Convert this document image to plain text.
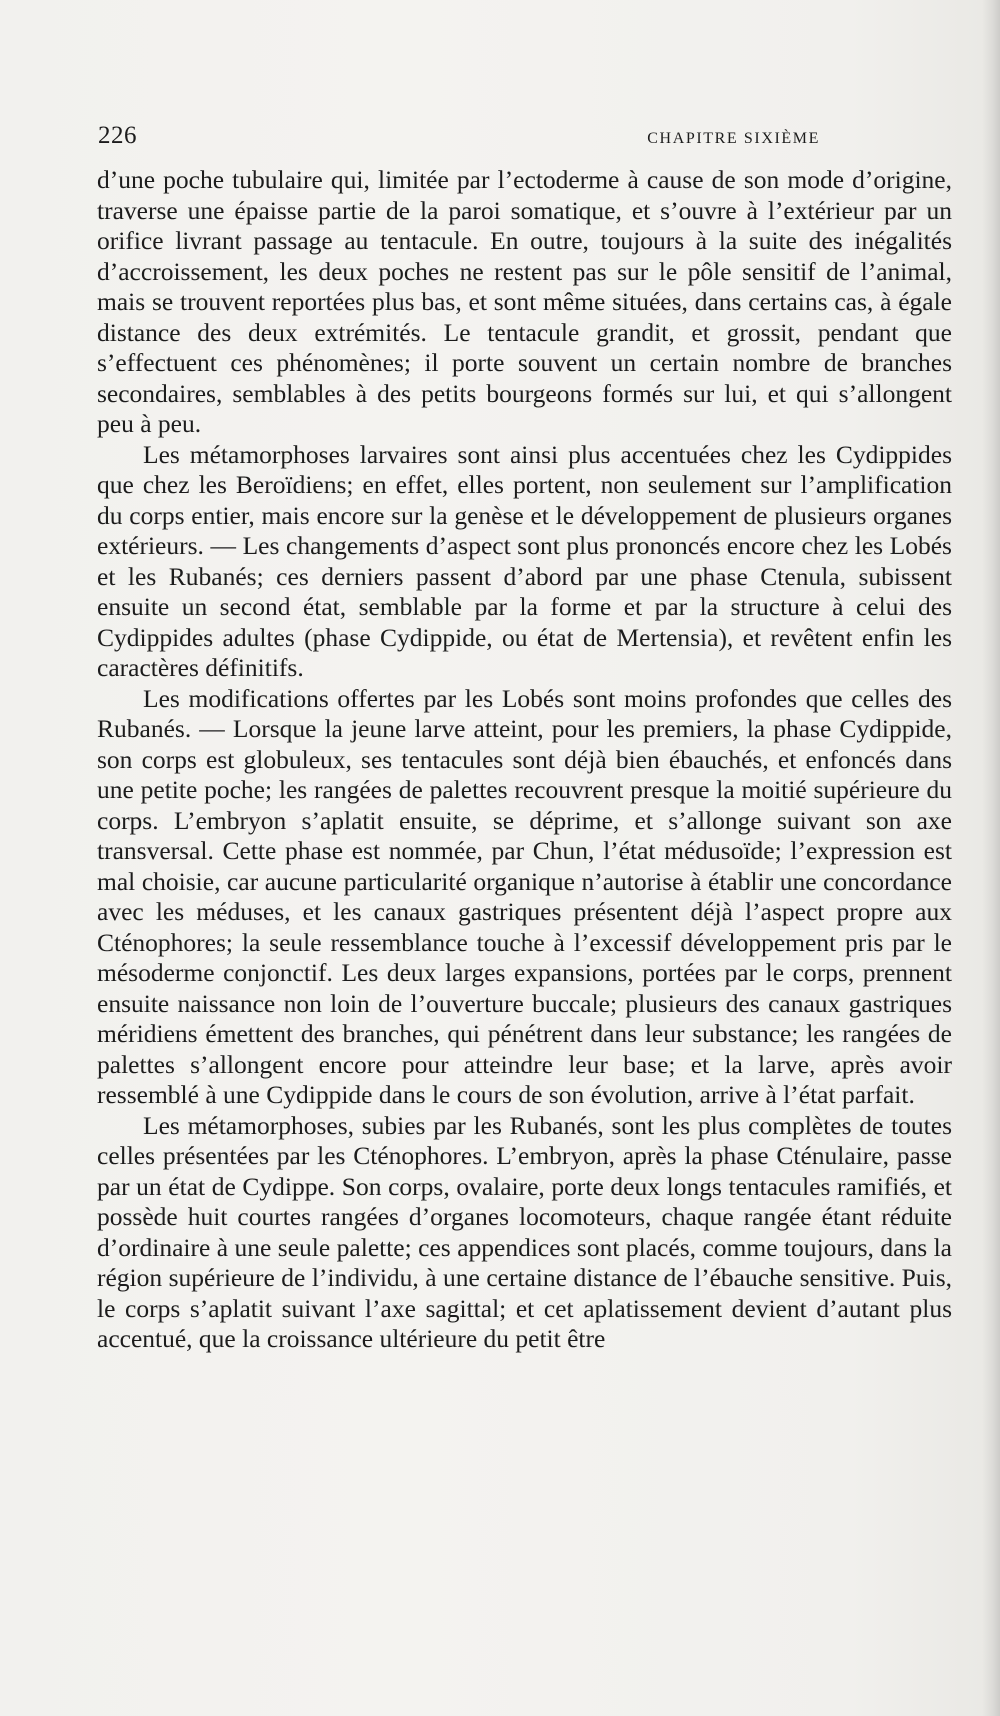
226	CHAPITRE SIXIÈME

d’une poche tubulaire qui, limitée par l’ectoderme à cause de son mode d’origine, traverse une épaisse partie de la paroi somatique, et s’ouvre à l’extérieur par un orifice livrant passage au tentacule. En outre, toujours à la suite des inégalités d’accroissement, les deux poches ne restent pas sur le pôle sensitif de l’animal, mais se trouvent reportées plus bas, et sont même situées, dans certains cas, à égale distance des deux extrémités. Le tentacule grandit, et grossit, pendant que s’effectuent ces phénomènes; il porte souvent un certain nombre de branches secondaires, semblables à des petits bourgeons formés sur lui, et qui s’allongent peu à peu.

Les métamorphoses larvaires sont ainsi plus accentuées chez les Cydippides que chez les Beroïdiens; en effet, elles portent, non seulement sur l’amplification du corps entier, mais encore sur la genèse et le développement de plusieurs organes extérieurs. — Les changements d’aspect sont plus prononcés encore chez les Lobés et les Rubanés; ces derniers passent d’abord par une phase Ctenula, subissent ensuite un second état, semblable par la forme et par la structure à celui des Cydippides adultes (phase Cydippide, ou état de Mertensia), et revêtent enfin les caractères définitifs.

Les modifications offertes par les Lobés sont moins profondes que celles des Rubanés. — Lorsque la jeune larve atteint, pour les premiers, la phase Cydippide, son corps est globuleux, ses tentacules sont déjà bien ébauchés, et enfoncés dans une petite poche; les rangées de palettes recouvrent presque la moitié supérieure du corps. L’embryon s’aplatit ensuite, se déprime, et s’allonge suivant son axe transversal. Cette phase est nommée, par Chun, l’état médusoïde; l’expression est mal choisie, car aucune particularité organique n’autorise à établir une concordance avec les méduses, et les canaux gastriques présentent déjà l’aspect propre aux Cténophores; la seule ressemblance touche à l’excessif développement pris par le mésoderme conjonctif. Les deux larges expansions, portées par le corps, prennent ensuite naissance non loin de l’ouverture buccale; plusieurs des canaux gastriques méridiens émettent des branches, qui pénétrent dans leur substance; les rangées de palettes s’allongent encore pour atteindre leur base; et la larve, après avoir ressemblé à une Cydippide dans le cours de son évolution, arrive à l’état parfait.

Les métamorphoses, subies par les Rubanés, sont les plus complètes de toutes celles présentées par les Cténophores. L’embryon, après la phase Cténulaire, passe par un état de Cydippe. Son corps, ovalaire, porte deux longs tentacules ramifiés, et possède huit courtes rangées d’organes locomoteurs, chaque rangée étant réduite d’ordinaire à une seule palette; ces appendices sont placés, comme toujours, dans la région supérieure de l’individu, à une certaine distance de l’ébauche sensitive. Puis, le corps s’aplatit suivant l’axe sagittal; et cet aplatissement devient d’autant plus accentué, que la croissance ultérieure du petit être
